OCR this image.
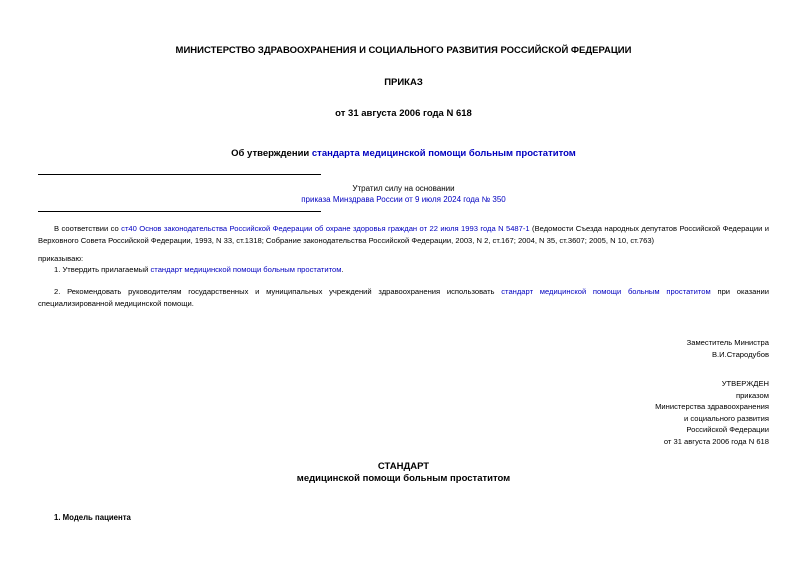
МИНИСТЕРСТВО ЗДРАВООХРАНЕНИЯ И СОЦИАЛЬНОГО РАЗВИТИЯ РОССИЙСКОЙ ФЕДЕРАЦИИ
ПРИКАЗ
от 31 августа 2006 года N 618
Об утверждении стандарта медицинской помощи больным простатитом
Утратил силу на основании
приказа Минздрава России от 9 июля 2024 года № 350
В соответствии со ст40 Основ законодательства Российской Федерации об охране здоровья граждан от 22 июля 1993 года N 5487-1 (Ведомости Съезда народных депутатов Российской Федерации и Верховного Совета Российской Федерации, 1993, N 33, ст.1318; Собрание законодательства Российской Федерации, 2003, N 2, ст.167; 2004, N 35, ст.3607; 2005, N 10, ст.763)
приказываю:
1. Утвердить прилагаемый стандарт медицинской помощи больным простатитом.
2. Рекомендовать руководителям государственных и муниципальных учреждений здравоохранения использовать стандарт медицинской помощи больным простатитом при оказании специализированной медицинской помощи.
Заместитель Министра
В.И.Стародубов
УТВЕРЖДЕН
приказом
Министерства здравоохранения
и социального развития
Российской Федерации
от 31 августа 2006 года N 618
СТАНДАРТ
медицинской помощи больным простатитом
1. Модель пациента
